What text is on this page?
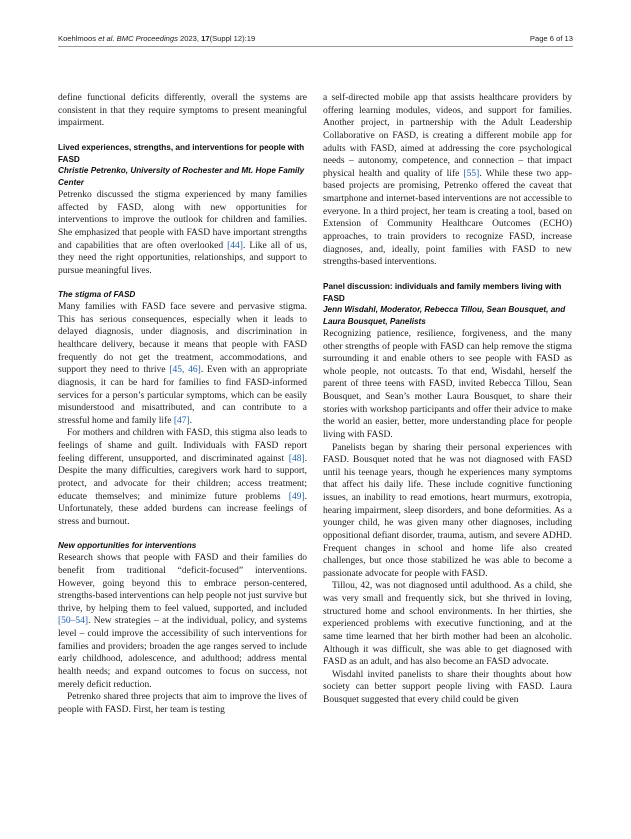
Koehlmoos et al. BMC Proceedings 2023, 17(Suppl 12):19	Page 6 of 13

define functional deficits differently, overall the systems are consistent in that they require symptoms to present meaningful impairment.

Lived experiences, strengths, and interventions for people with FASD
Christie Petrenko, University of Rochester and Mt. Hope Family Center

Petrenko discussed the stigma experienced by many families affected by FASD, along with new opportunities for interventions to improve the outlook for children and families. She emphasized that people with FASD have important strengths and capabilities that are often overlooked [44]. Like all of us, they need the right opportunities, relationships, and support to pursue meaningful lives.

The stigma of FASD

Many families with FASD face severe and pervasive stigma. This has serious consequences, especially when it leads to delayed diagnosis, under diagnosis, and discrimination in healthcare delivery, because it means that people with FASD frequently do not get the treatment, accommodations, and support they need to thrive [45, 46]. Even with an appropriate diagnosis, it can be hard for families to find FASD-informed services for a person’s particular symptoms, which can be easily misunderstood and misattributed, and can contribute to a stressful home and family life [47].

For mothers and children with FASD, this stigma also leads to feelings of shame and guilt. Individuals with FASD report feeling different, unsupported, and discriminated against [48]. Despite the many difficulties, caregivers work hard to support, protect, and advocate for their children; access treatment; educate themselves; and minimize future problems [49]. Unfortunately, these added burdens can increase feelings of stress and burnout.

New opportunities for interventions

Research shows that people with FASD and their families do benefit from traditional “deficit-focused” interventions. However, going beyond this to embrace person-centered, strengths-based interventions can help people not just survive but thrive, by helping them to feel valued, supported, and included [50–54]. New strategies – at the individual, policy, and systems level – could improve the accessibility of such interventions for families and providers; broaden the age ranges served to include early childhood, adolescence, and adulthood; address mental health needs; and expand outcomes to focus on success, not merely deficit reduction.

Petrenko shared three projects that aim to improve the lives of people with FASD. First, her team is testing

a self-directed mobile app that assists healthcare providers by offering learning modules, videos, and support for families. Another project, in partnership with the Adult Leadership Collaborative on FASD, is creating a different mobile app for adults with FASD, aimed at addressing the core psychological needs – autonomy, competence, and connection – that impact physical health and quality of life [55]. While these two app-based projects are promising, Petrenko offered the caveat that smartphone and internet-based interventions are not accessible to everyone. In a third project, her team is creating a tool, based on Extension of Community Healthcare Outcomes (ECHO) approaches, to train providers to recognize FASD, increase diagnoses, and, ideally, point families with FASD to new strengths-based interventions.

Panel discussion: individuals and family members living with FASD
Jenn Wisdahl, Moderator, Rebecca Tillou, Sean Bousquet, and Laura Bousquet, Panelists

Recognizing patience, resilience, forgiveness, and the many other strengths of people with FASD can help remove the stigma surrounding it and enable others to see people with FASD as whole people, not outcasts. To that end, Wisdahl, herself the parent of three teens with FASD, invited Rebecca Tillou, Sean Bousquet, and Sean’s mother Laura Bousquet, to share their stories with workshop participants and offer their advice to make the world an easier, better, more understanding place for people living with FASD.

Panelists began by sharing their personal experiences with FASD. Bousquet noted that he was not diagnosed with FASD until his teenage years, though he experiences many symptoms that affect his daily life. These include cognitive functioning issues, an inability to read emotions, heart murmurs, exotropia, hearing impairment, sleep disorders, and bone deformities. As a younger child, he was given many other diagnoses, including oppositional defiant disorder, trauma, autism, and severe ADHD. Frequent changes in school and home life also created challenges, but once those stabilized he was able to become a passionate advocate for people with FASD.

Tillou, 42, was not diagnosed until adulthood. As a child, she was very small and frequently sick, but she thrived in loving, structured home and school environments. In her thirties, she experienced problems with executive functioning, and at the same time learned that her birth mother had been an alcoholic. Although it was difficult, she was able to get diagnosed with FASD as an adult, and has also become an FASD advocate.

Wisdahl invited panelists to share their thoughts about how society can better support people living with FASD. Laura Bousquet suggested that every child could be given
